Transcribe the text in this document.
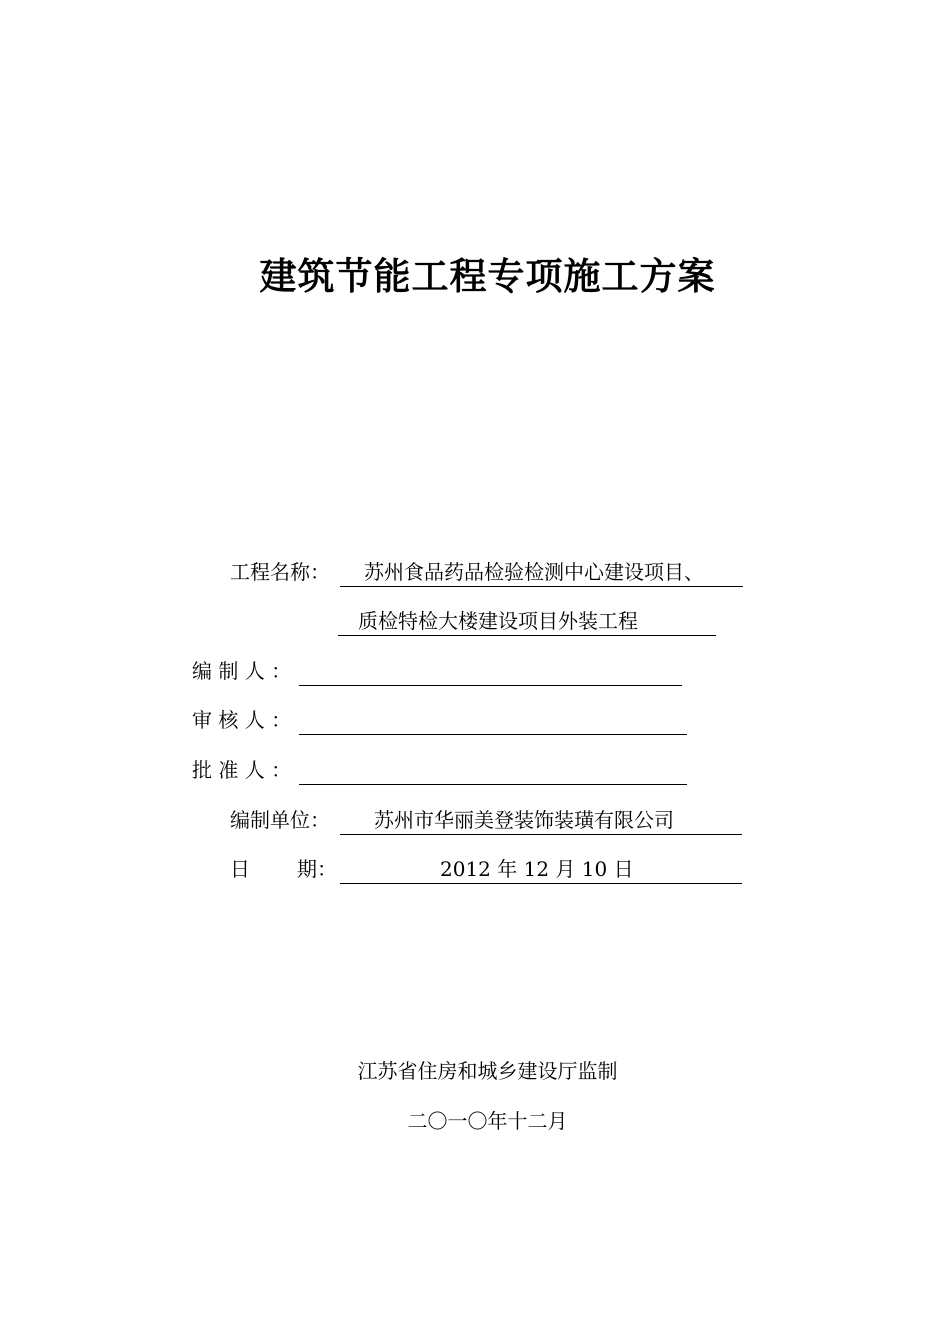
建筑节能工程专项施工方案
工程名称： 苏州食品药品检验检测中心建设项目、
质检特检大楼建设项目外装工程
编 制 人 ：
审 核 人 ：
批 准 人 ：
编制单位： 苏州市华丽美登装饰装璜有限公司
日 期：	2012 年 12 月 10 日
江苏省住房和城乡建设厅监制
二〇一〇年十二月
